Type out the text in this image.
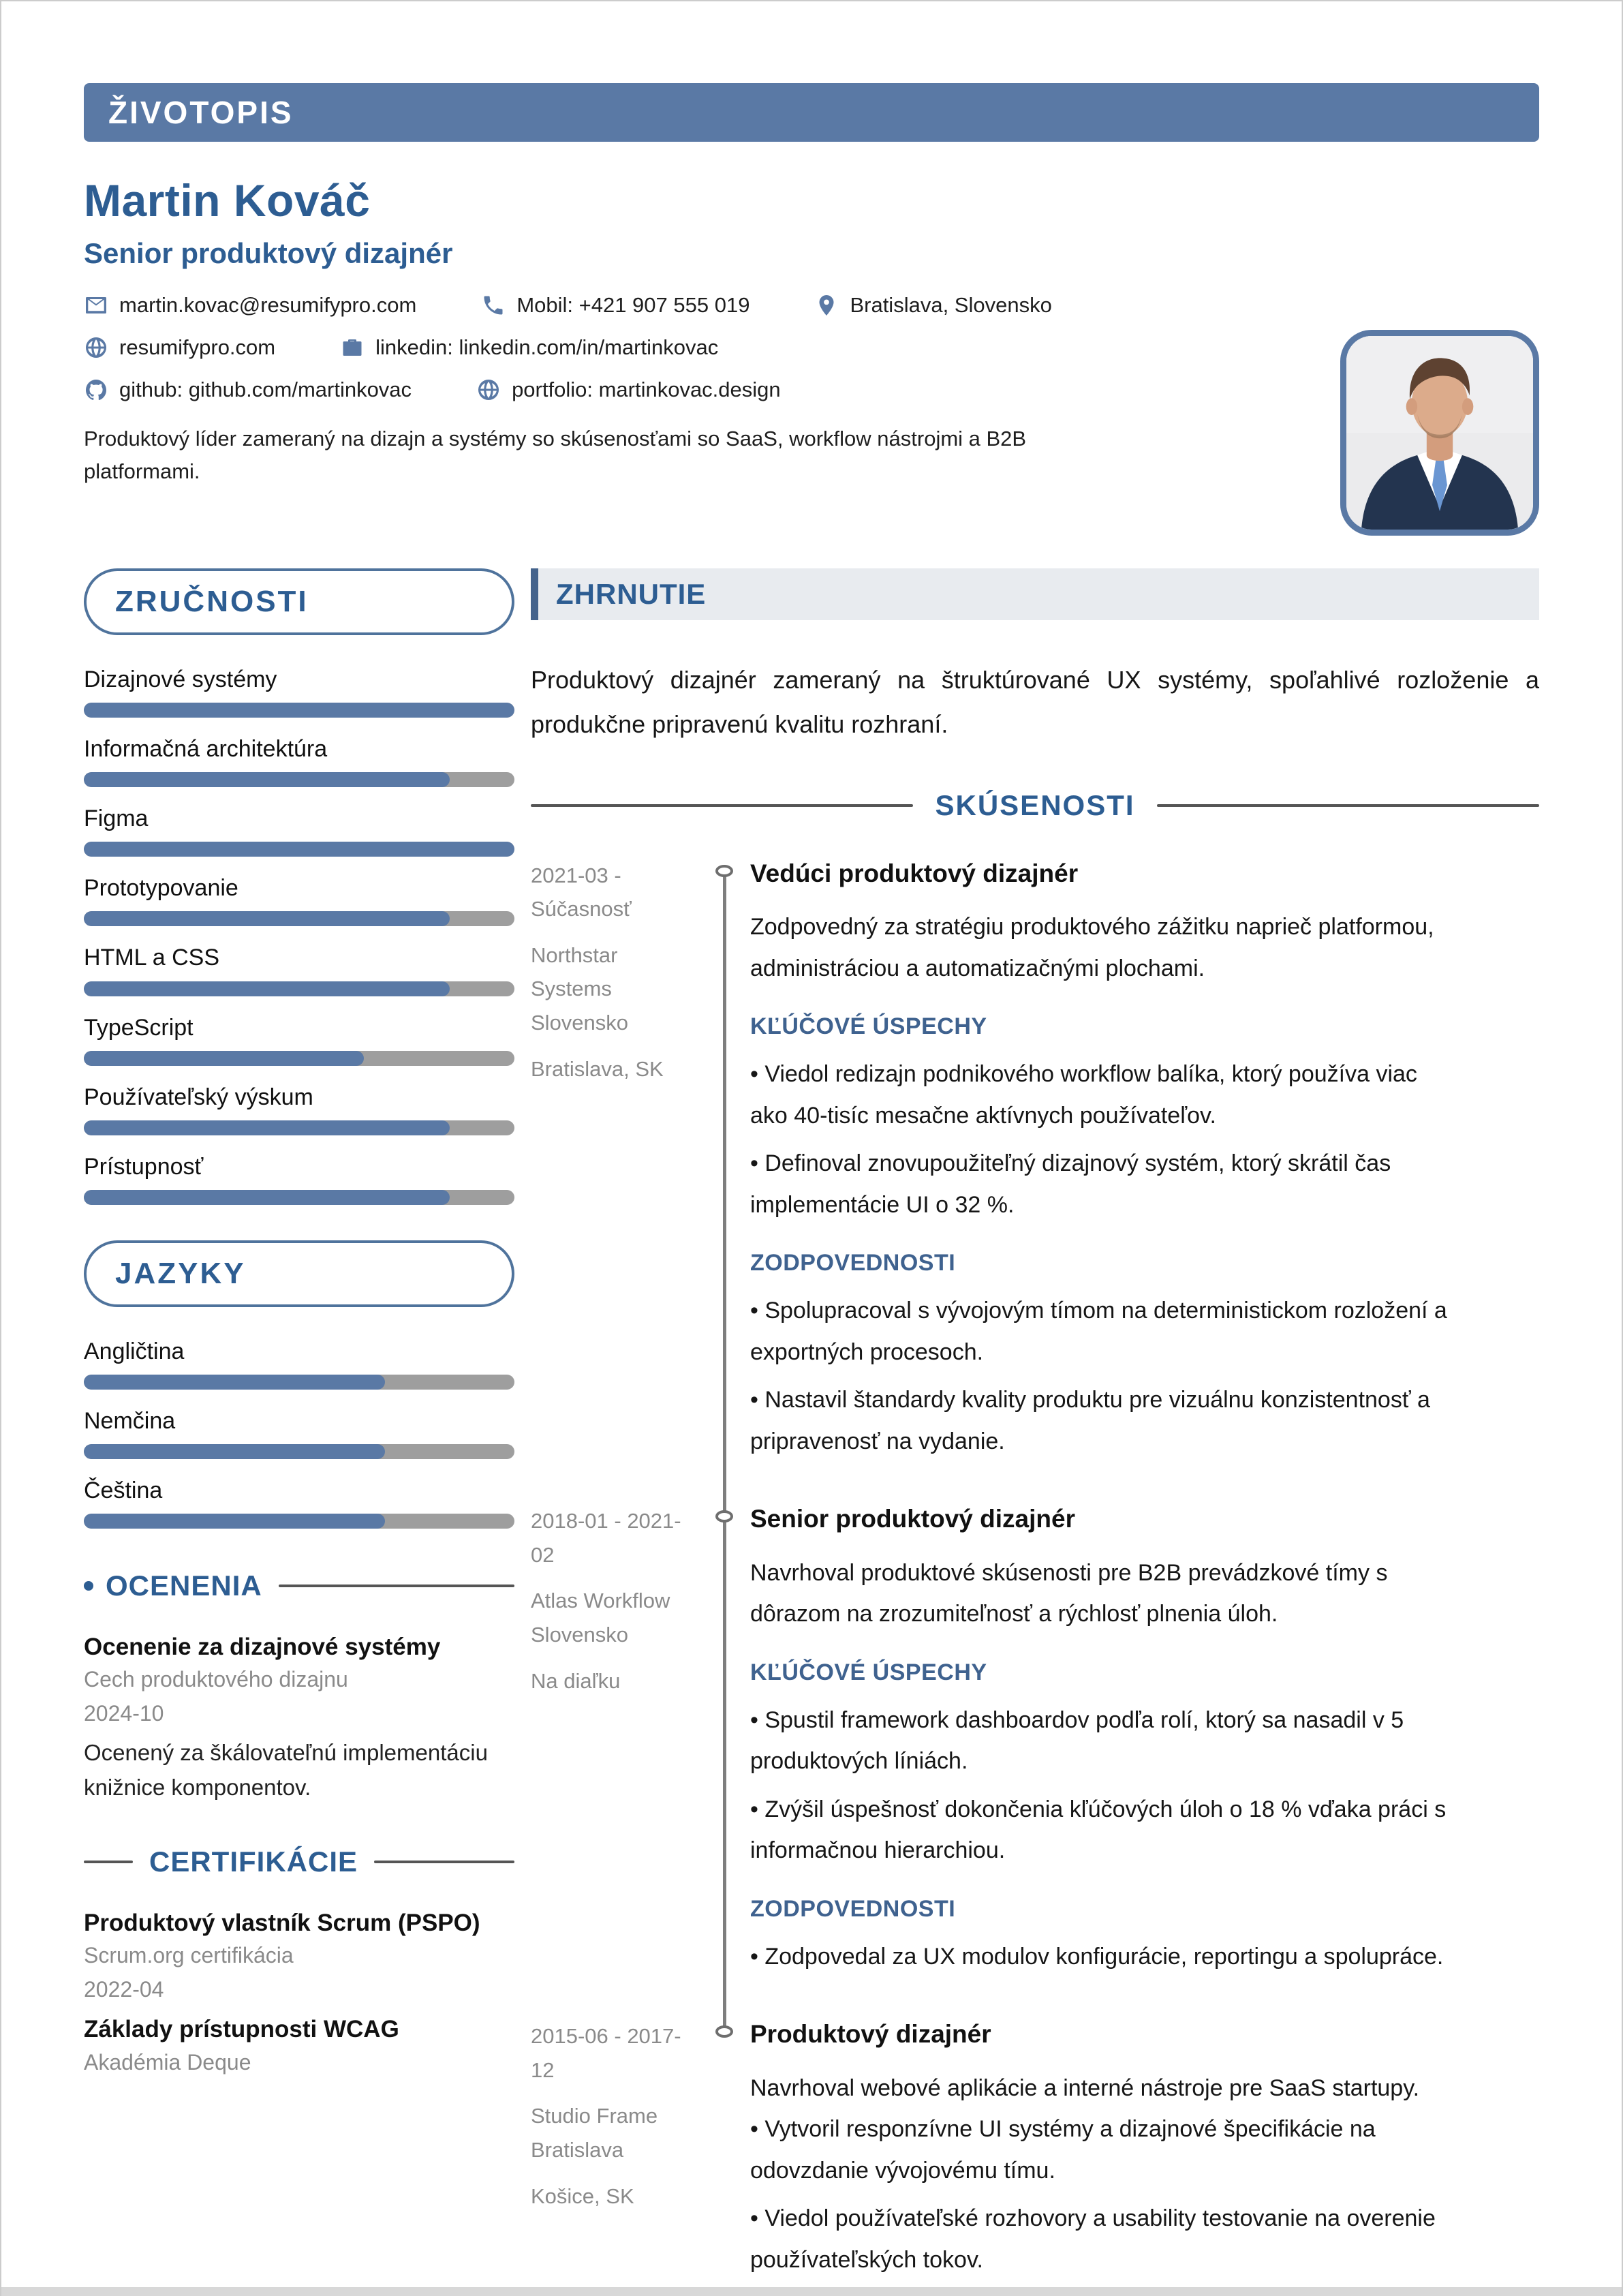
ŽIVOTOPIS
Martin Kováč
Senior produktový dizajnér
martin.kovac@resumifypro.com	Mobil: +421 907 555 019	Bratislava, Slovensko
resumifypro.com	linkedin: linkedin.com/in/martinkovac
github: github.com/martinkovac	portfolio: martinkovac.design

Produktový líder zameraný na dizajn a systémy so skúsenosťami so SaaS, workflow nástrojmi a B2B platformami.

ZRUČNOSTI
Dizajnové systémy
Informačná architektúra
Figma
Prototypovanie
HTML a CSS
TypeScript
Používateľský výskum
Prístupnosť
JAZYKY
Angličtina
Nemčina
Čeština
OCENENIA
Ocenenie za dizajnové systémy
Cech produktového dizajnu
2024-10
Ocenený za škálovateľnú implementáciu knižnice komponentov.
CERTIFIKÁCIE
Produktový vlastník Scrum (PSPO)
Scrum.org certifikácia
2022-04
Základy prístupnosti WCAG
Akadémia Deque
ZHRNUTIE

Produktový dizajnér zameraný na štruktúrované UX systémy, spoľahlivé rozloženie a produkčne pripravenú kvalitu rozhraní.

SKÚSENOSTI
2021-03 - Súčasnosť
Northstar Systems Slovensko
Bratislava, SK
Vedúci produktový dizajnér
Zodpovedný za stratégiu produktového zážitku naprieč platformou, administráciou a automatizačnými plochami.
KĽÚČOVÉ ÚSPECHY
• Viedol redizajn podnikového workflow balíka, ktorý používa viac ako 40-tisíc mesačne aktívnych používateľov.
• Definoval znovupoužiteľný dizajnový systém, ktorý skrátil čas implementácie UI o 32 %.
ZODPOVEDNOSTI
• Spolupracoval s vývojovým tímom na deterministickom rozložení a exportných procesoch.
• Nastavil štandardy kvality produktu pre vizuálnu konzistentnosť a pripravenosť na vydanie.
2018-01 - 2021-02
Atlas Workflow Slovensko
Na diaľku
Senior produktový dizajnér
Navrhoval produktové skúsenosti pre B2B prevádzkové tímy s dôrazom na zrozumiteľnosť a rýchlosť plnenia úloh.
KĽÚČOVÉ ÚSPECHY
• Spustil framework dashboardov podľa rolí, ktorý sa nasadil v 5 produktových líniách.
• Zvýšil úspešnosť dokončenia kľúčových úloh o 18 % vďaka práci s informačnou hierarchiou.
ZODPOVEDNOSTI
• Zodpovedal za UX modulov konfigurácie, reportingu a spolupráce.
2015-06 - 2017-12
Studio Frame Bratislava
Košice, SK
Produktový dizajnér
Navrhoval webové aplikácie a interné nástroje pre SaaS startupy.
• Vytvoril responzívne UI systémy a dizajnové špecifikácie na odovzdanie vývojovému tímu.
• Viedol používateľské rozhovory a usability testovanie na overenie používateľských tokov.
